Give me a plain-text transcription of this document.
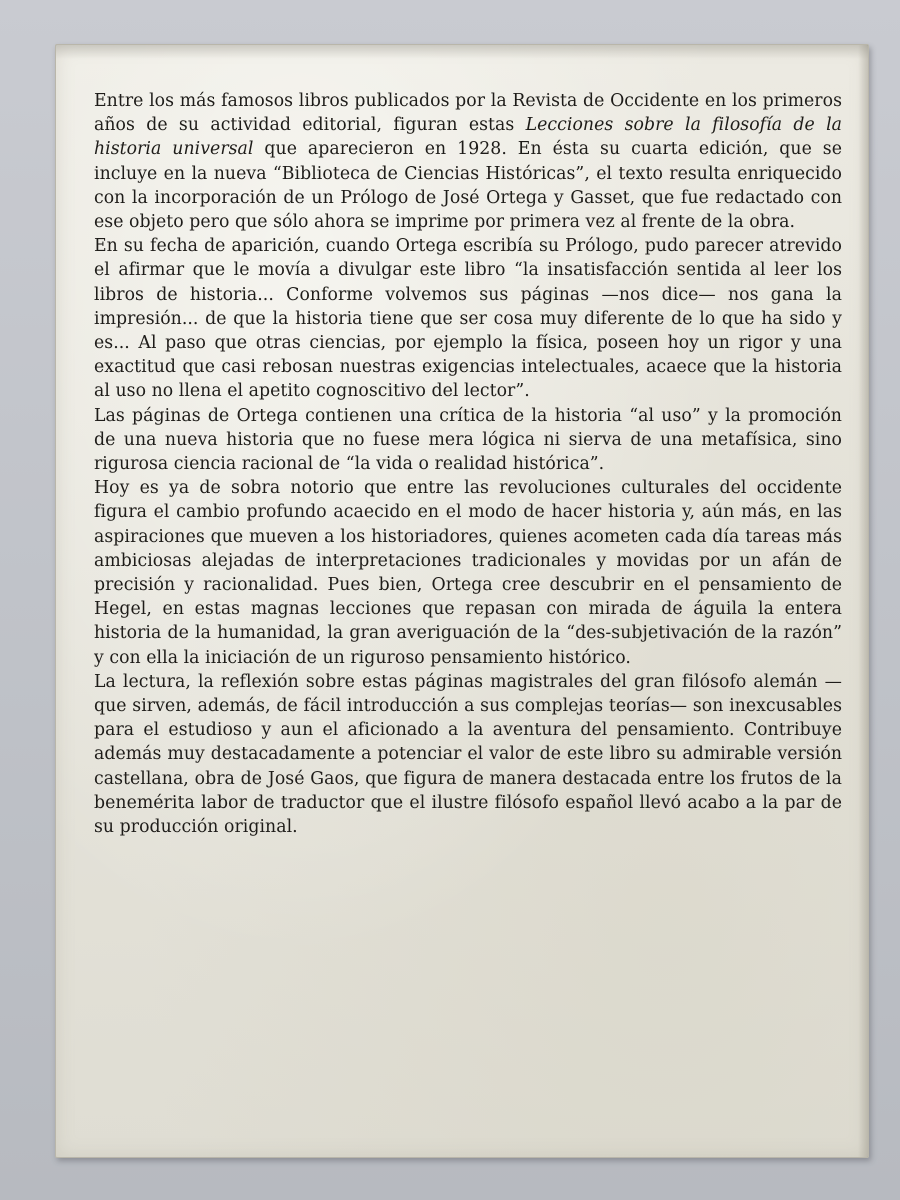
Entre los más famosos libros publicados por la Revista de Occidente en los primeros años de su actividad editorial, figuran estas Lecciones sobre la filosofía de la historia universal que aparecieron en 1928. En ésta su cuarta edición, que se incluye en la nueva “Biblioteca de Ciencias Históricas”, el texto resulta enriquecido con la incorporación de un Prólogo de José Ortega y Gasset, que fue redactado con ese objeto pero que sólo ahora se imprime por primera vez al frente de la obra.

En su fecha de aparición, cuando Ortega escribía su Prólogo, pudo parecer atrevido el afirmar que le movía a divulgar este libro “la insatisfacción sentida al leer los libros de historia... Conforme volvemos sus páginas —nos dice— nos gana la impresión... de que la historia tiene que ser cosa muy diferente de lo que ha sido y es... Al paso que otras ciencias, por ejemplo la física, poseen hoy un rigor y una exactitud que casi rebosan nuestras exigencias intelectuales, acaece que la historia al uso no llena el apetito cognoscitivo del lector”.

Las páginas de Ortega contienen una crítica de la historia “al uso” y la promoción de una nueva historia que no fuese mera lógica ni sierva de una metafísica, sino rigurosa ciencia racional de “la vida o realidad histórica”.

Hoy es ya de sobra notorio que entre las revoluciones culturales del occidente figura el cambio profundo acaecido en el modo de hacer historia y, aún más, en las aspiraciones que mueven a los historiadores, quienes acometen cada día tareas más ambiciosas alejadas de interpretaciones tradicionales y movidas por un afán de precisión y racionalidad. Pues bien, Ortega cree descubrir en el pensamiento de Hegel, en estas magnas lecciones que repasan con mirada de águila la entera historia de la humanidad, la gran averiguación de la “des-subjetivación de la razón” y con ella la iniciación de un riguroso pensamiento histórico.

La lectura, la reflexión sobre estas páginas magistrales del gran filósofo alemán —que sirven, además, de fácil introducción a sus complejas teorías— son inexcusables para el estudioso y aun el aficionado a la aventura del pensamiento. Contribuye además muy destacadamente a potenciar el valor de este libro su admirable versión castellana, obra de José Gaos, que figura de manera destacada entre los frutos de la benemérita labor de traductor que el ilustre filósofo español llevó acabo a la par de su producción original.
